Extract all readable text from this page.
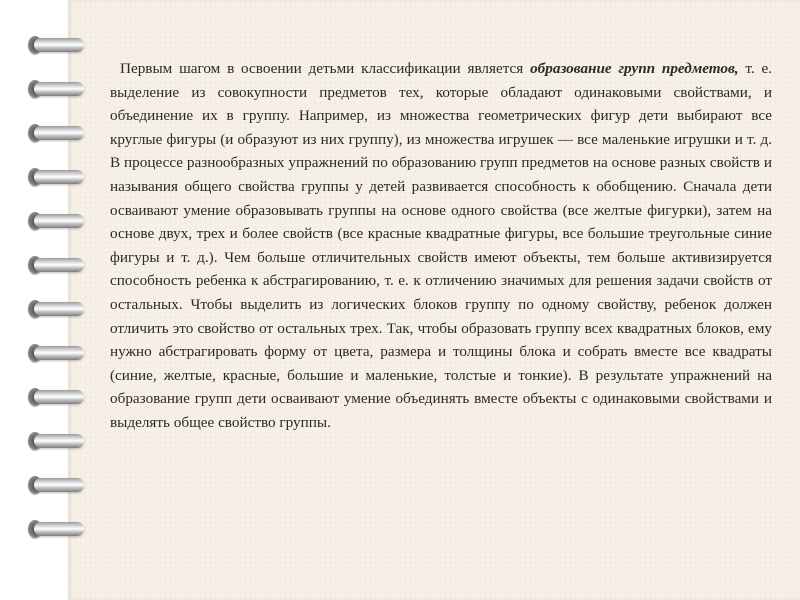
Первым шагом в освоении детьми классификации является образование групп предметов, т. е. выделение из совокупности предметов тех, которые обладают одинаковыми свойствами, и объединение их в группу. Например, из множества геометрических фигур дети выбирают все круглые фигуры (и образуют из них группу), из множества игрушек — все маленькие игрушки и т. д. В процессе разнообразных упражнений по образованию групп предметов на основе разных свойств и называния общего свойства группы у детей развивается способность к обобщению. Сначала дети осваивают умение образовывать группы на основе одного свойства (все желтые фигурки), затем на основе двух, трех и более свойств (все красные квадратные фигуры, все большие треугольные синие фигуры и т. д.). Чем больше отличительных свойств имеют объекты, тем больше активизируется способность ребенка к абстрагированию, т. е. к отличению значимых для решения задачи свойств от остальных. Чтобы выделить из логических блоков группу по одному свойству, ребенок должен отличить это свойство от остальных трех. Так, чтобы образовать группу всех квадратных блоков, ему нужно абстрагировать форму от цвета, размера и толщины блока и собрать вместе все квадраты (синие, желтые, красные, большие и маленькие, толстые и тонкие). В результате упражнений на образование групп дети осваивают умение объединять вместе объекты с одинаковыми свойствами и выделять общее свойство группы.
